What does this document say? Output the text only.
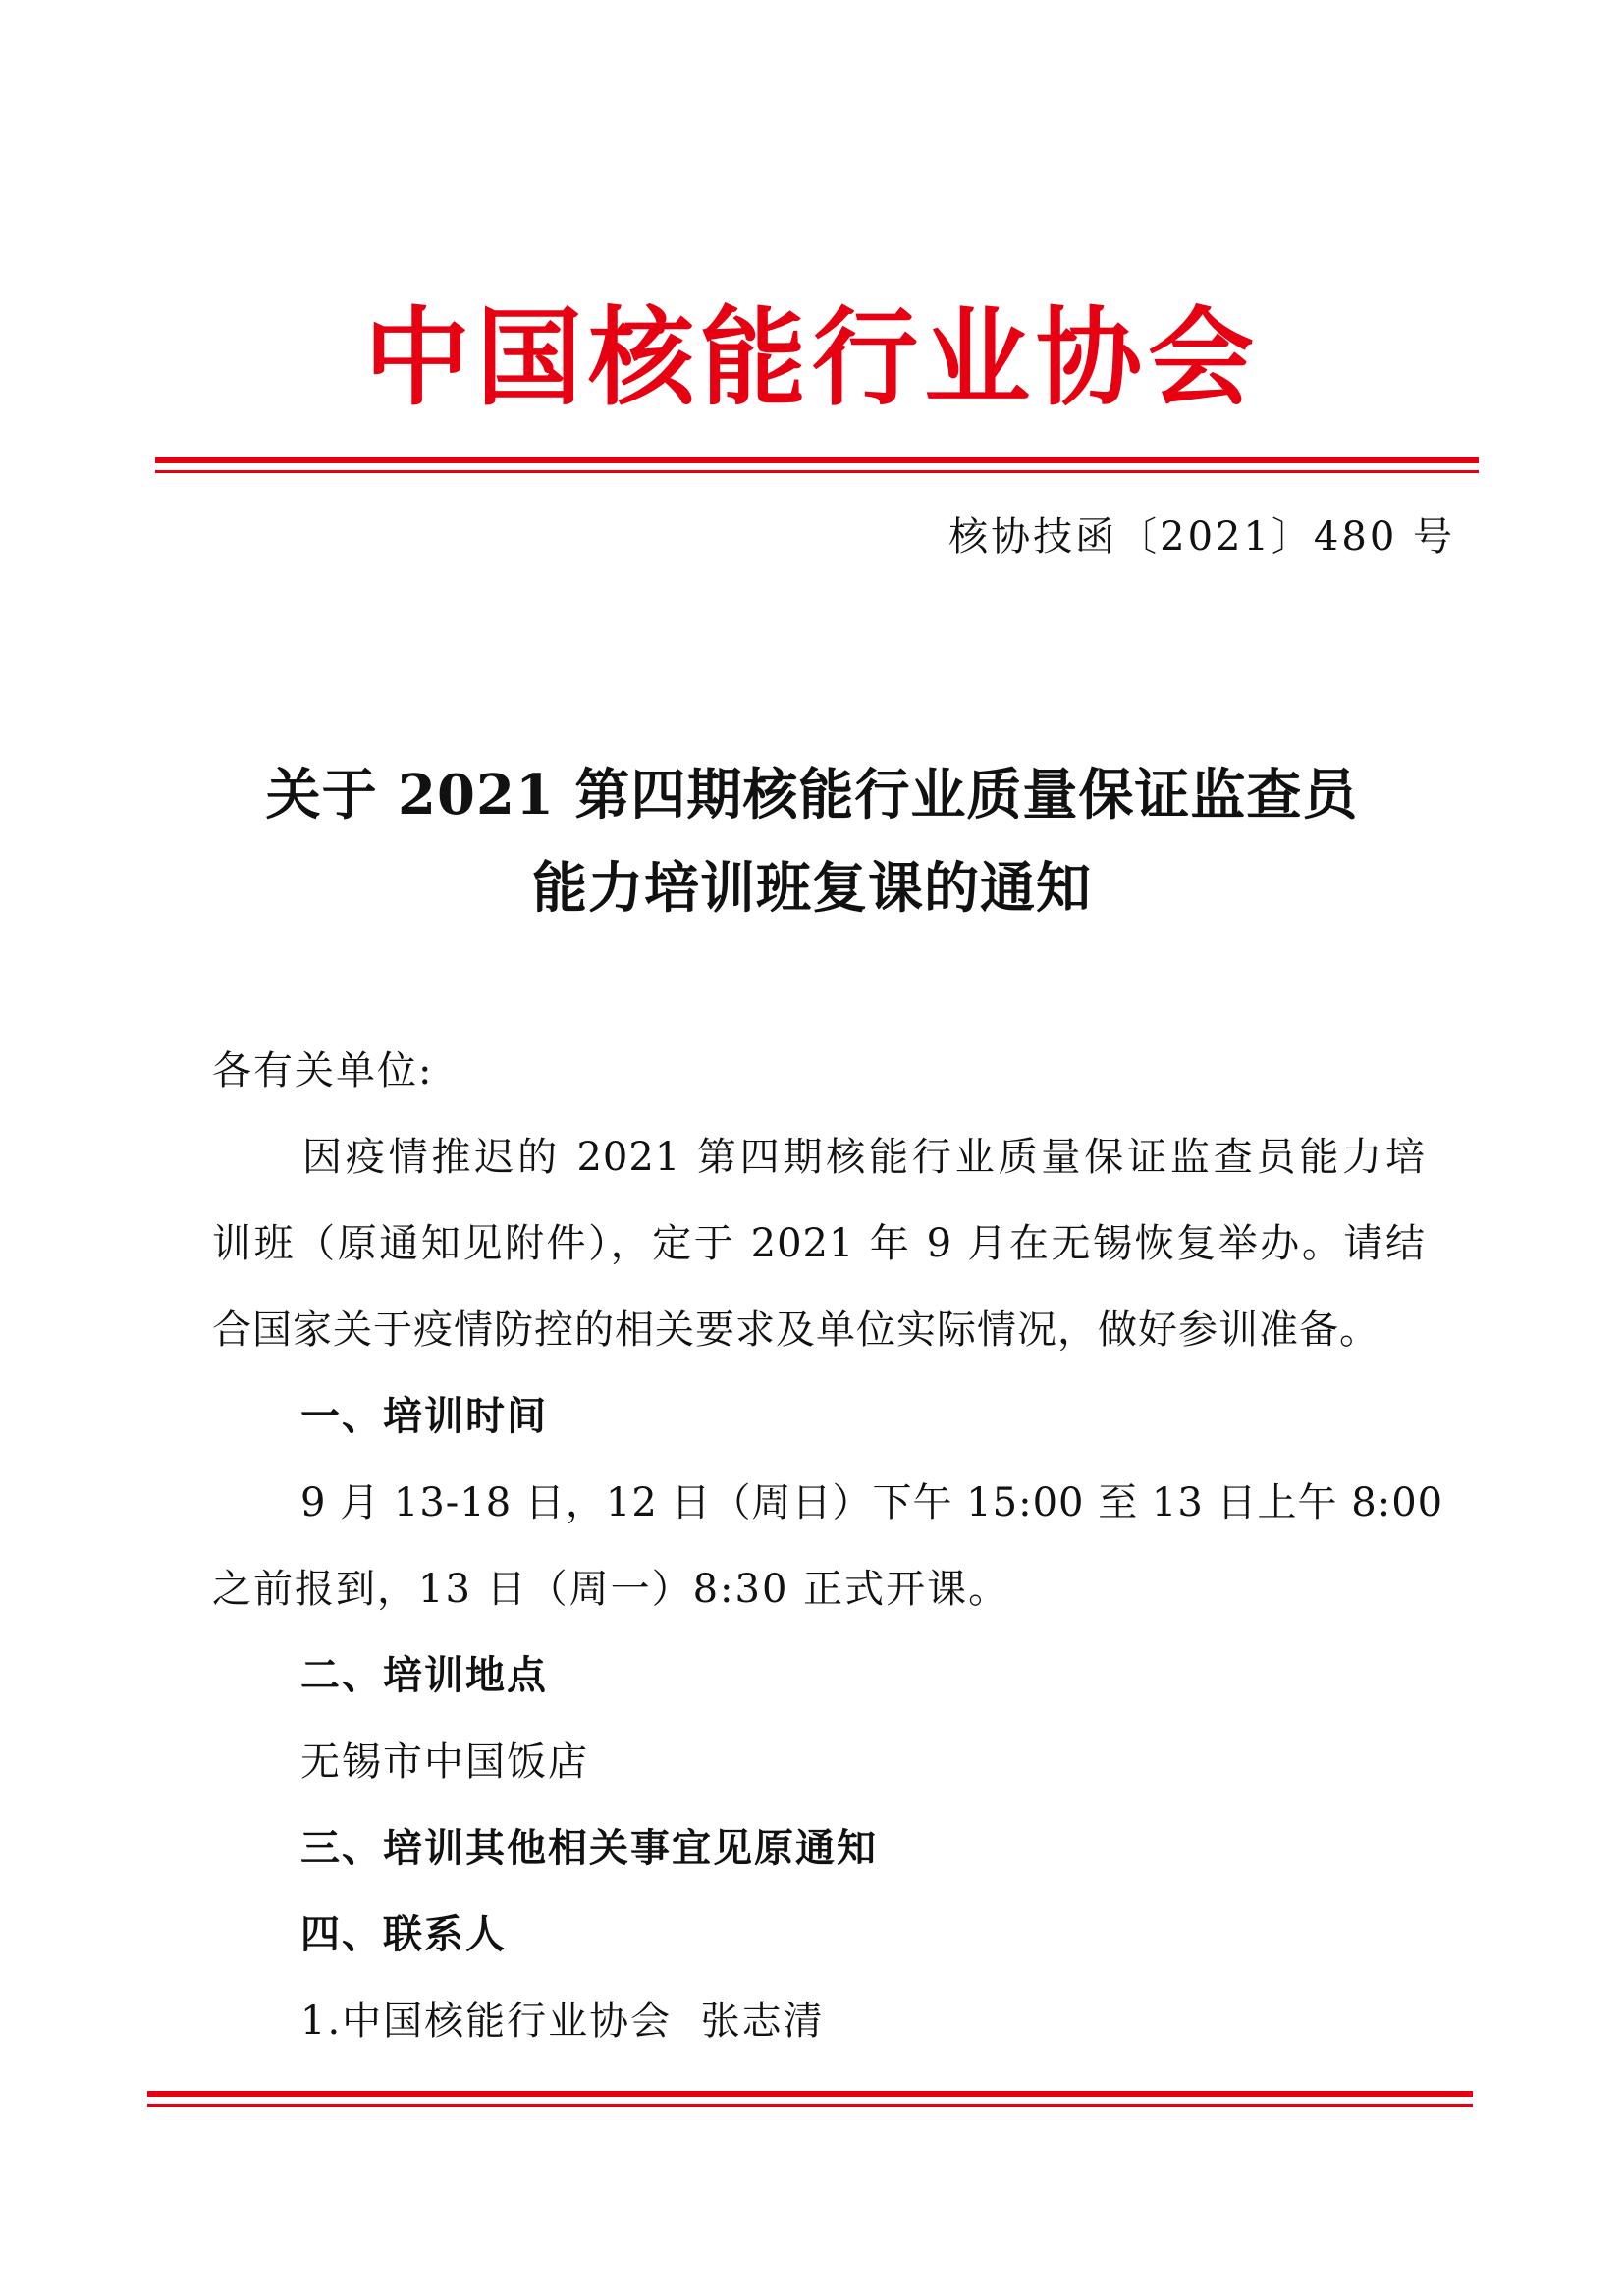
中国核能行业协会

核协技函〔2021〕480 号

关于 2021 第四期核能行业质量保证监查员
能力培训班复课的通知

各有关单位:

因疫情推迟的 2021 第四期核能行业质量保证监查员能力培

训班（原通知见附件），定于 2021 年 9 月在无锡恢复举办。请结

合国家关于疫情防控的相关要求及单位实际情况，做好参训准备。

一、培训时间

9 月 13-18 日，12 日（周日）下午 15:00 至 13 日上午 8:00

之前报到，13 日（周一）8:30 正式开课。

二、培训地点

无锡市中国饭店

三、培训其他相关事宜见原通知

四、联系人

1.中国核能行业协会  张志清
